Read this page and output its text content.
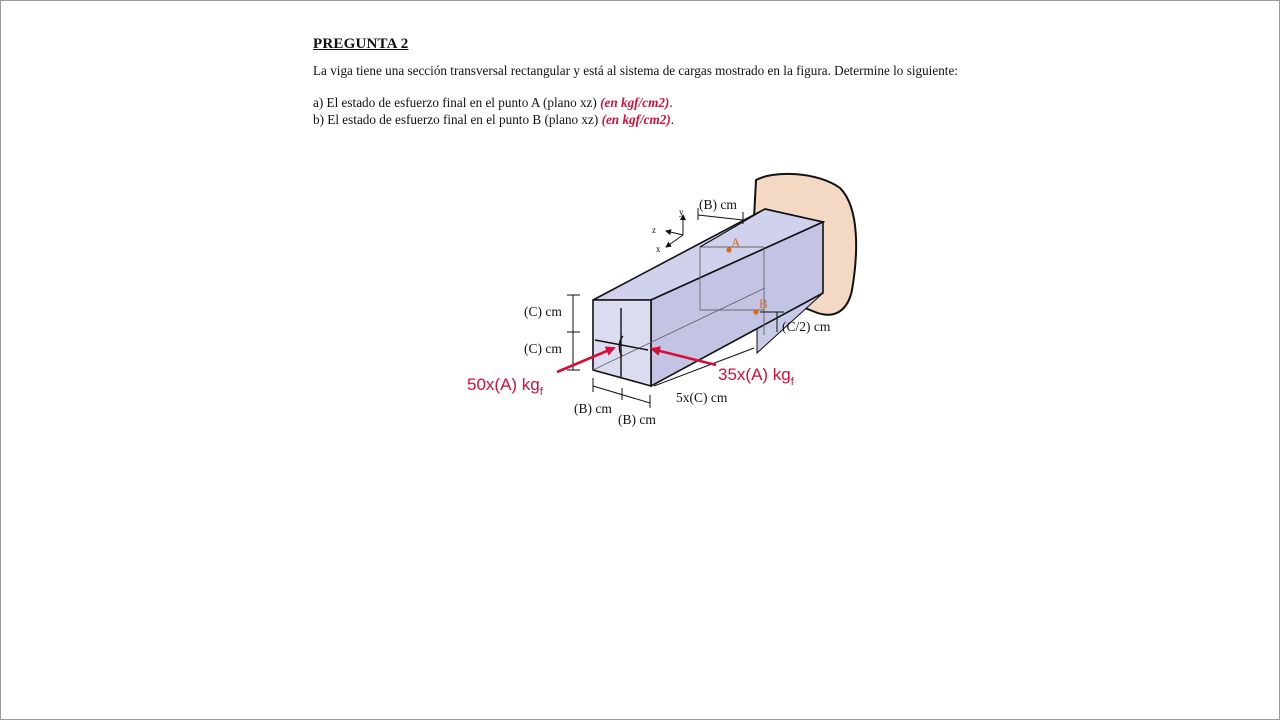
PREGUNTA 2
La viga tiene una sección transversal rectangular y está al sistema de cargas mostrado en la figura. Determine lo siguiente:
a) El estado de esfuerzo final en el punto A (plano xz) (en kgf/cm2).
b) El estado de esfuerzo final en el punto B (plano xz) (en kgf/cm2).
y
z
x	A
B
(B) cm
(C) cm
(C) cm
(C/2) cm
(B) cm
(B) cm
5x(C) cm
50x(A) $kg_f$
35x(A) $kg_f$
